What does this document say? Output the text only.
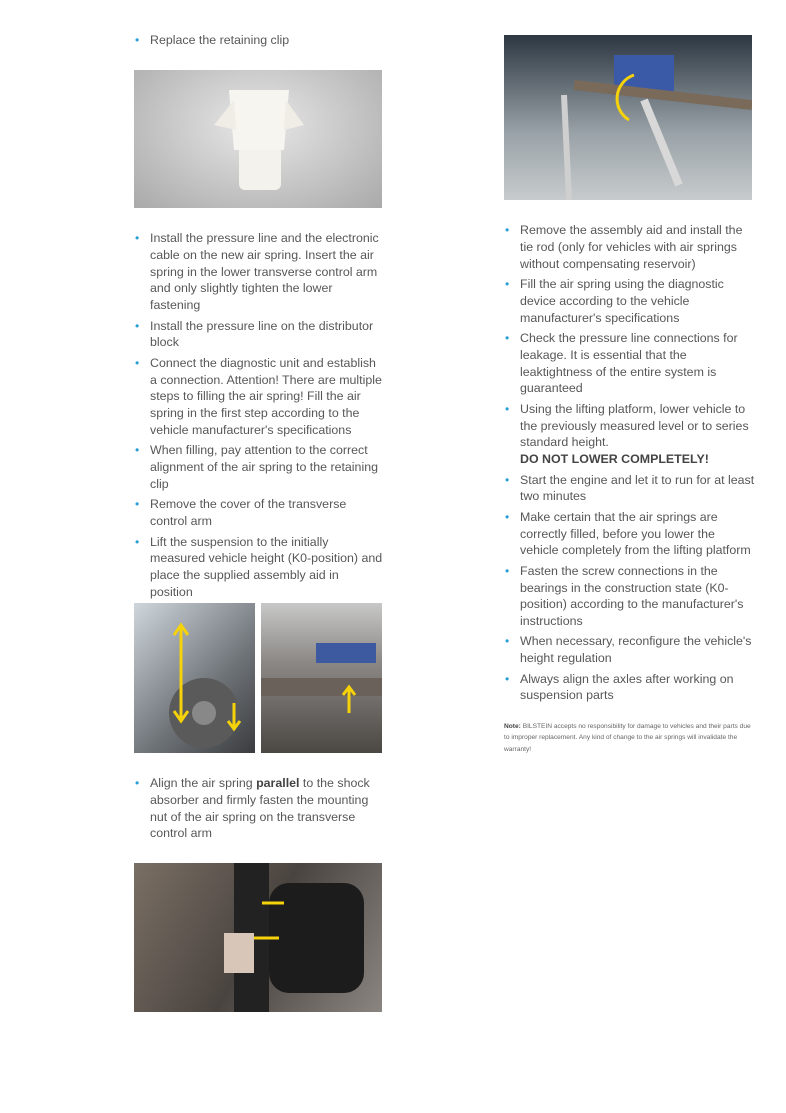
• Replace the retaining clip
• Install the pressure line and the electronic cable on the new air spring. Insert the air spring in the lower transverse control arm and only slightly tighten the lower fastening
• Install the pressure line on the distributor block
• Connect the diagnostic unit and establish a connection. Attention! There are multiple steps to filling the air spring! Fill the air spring in the first step according to the vehicle manufacturer's specifications
• When filling, pay attention to the correct alignment of the air spring to the retaining clip
• Remove the cover of the transverse control arm
• Lift the suspension to the initially measured vehicle height (K0-position) and place the supplied assembly aid in position
• Align the air spring parallel to the shock absorber and firmly fasten the mounting nut of the air spring on the transverse control arm
• Remove the assembly aid and install the tie rod (only for vehicles with air springs without compensating reservoir)
• Fill the air spring using the diagnostic device according to the vehicle manufacturer's specifications
• Check the pressure line connections for leakage. It is essential that the leaktightness of the entire system is guaranteed
• Using the lifting platform, lower vehicle to the previously measured level or to series standard height.
DO NOT LOWER COMPLETELY!
• Start the engine and let it to run for at least two minutes
• Make certain that the air springs are correctly filled, before you lower the vehicle completely from the lifting platform
• Fasten the screw connections in the bearings in the construction state (K0-position) according to the manufacturer's instructions
• When necessary, reconfigure the vehicle's height regulation
• Always align the axles after working on suspension parts
Note: BILSTEIN accepts no responsibility for damage to vehicles and their parts due to improper replacement. Any kind of change to the air springs will invalidate the warranty!
